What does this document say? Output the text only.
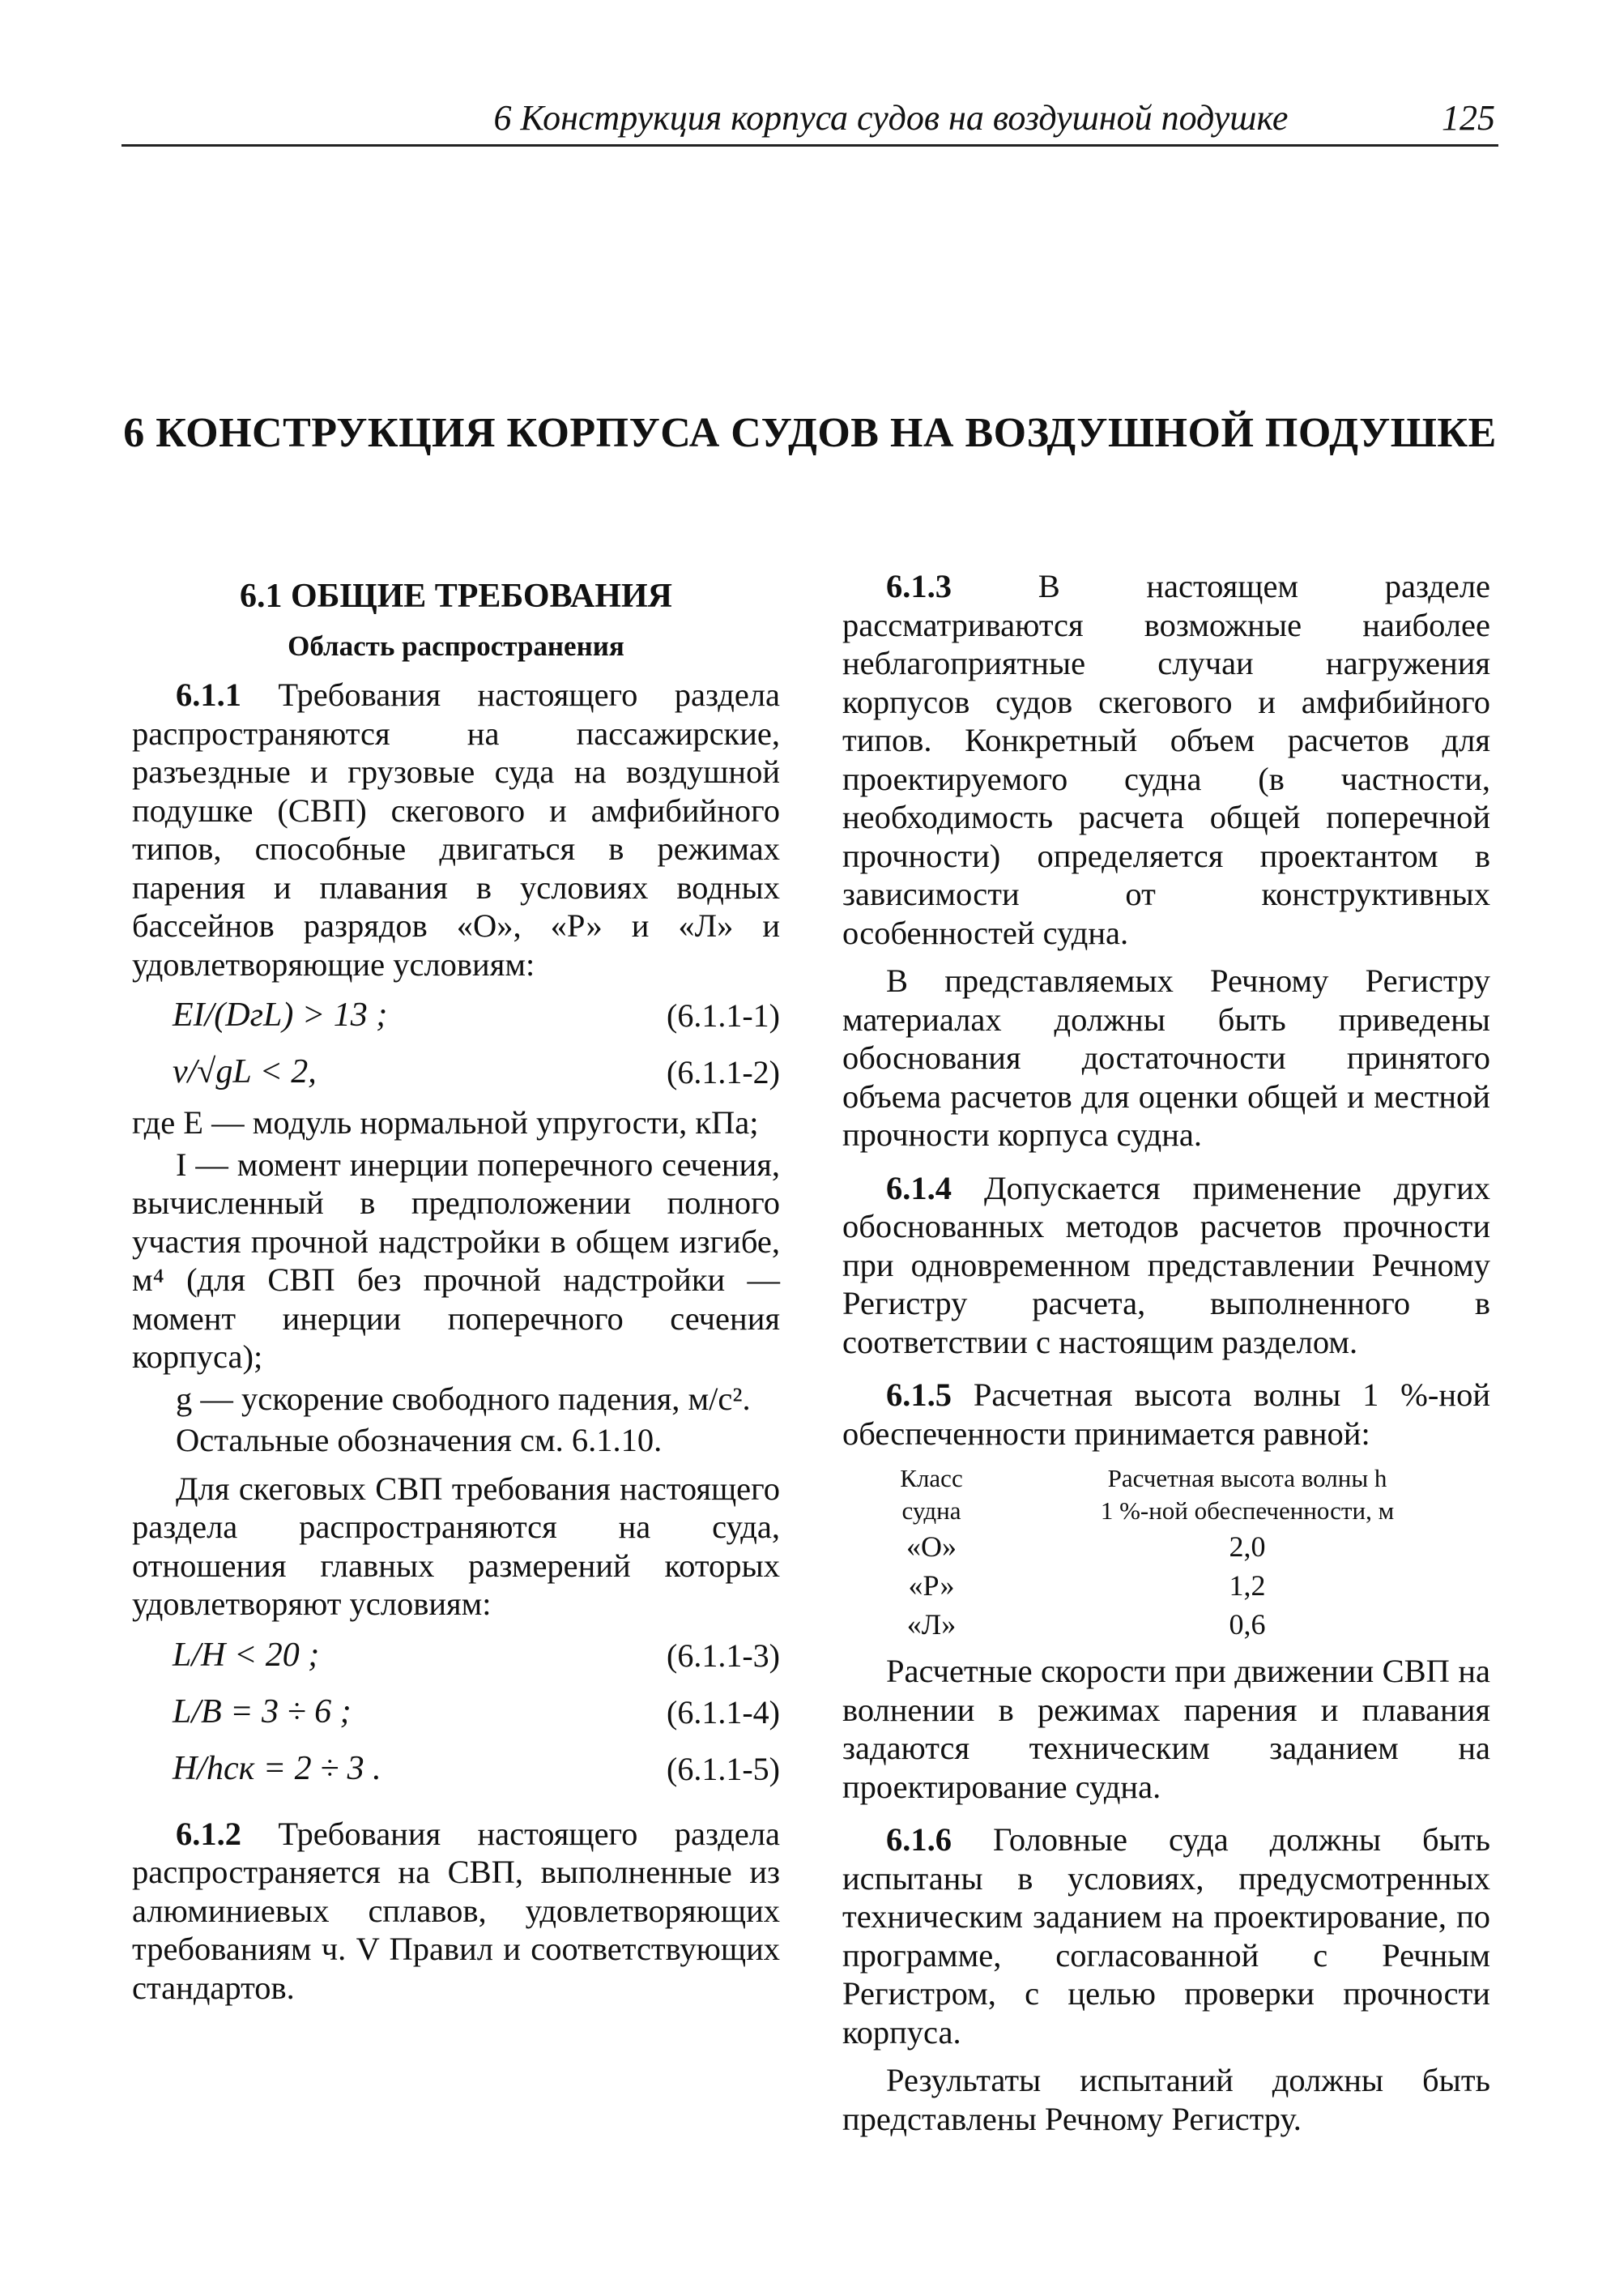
6 Конструкция корпуса судов на воздушной подушке	125
6 КОНСТРУКЦИЯ КОРПУСА СУДОВ НА ВОЗДУШНОЙ ПОДУШКЕ
6.1 ОБЩИЕ ТРЕБОВАНИЯ
Область распространения

6.1.1 Требования настоящего раздела распространяются на пассажирские, разъездные и грузовые суда на воздушной подушке (СВП) скегового и амфибийного типов, способные двигаться в режимах парения и плавания в условиях водных бассейнов разрядов «О», «Р» и «Л» и удовлетворяющие условиям:

EI/(DгL) > 13 ;	(6.1.1-1)
v/√gL < 2,	(6.1.1-2)

где E — модуль нормальной упругости, кПа;

I — момент инерции поперечного сечения, вычисленный в предположении полного участия прочной надстройки в общем изгибе, м⁴ (для СВП без прочной надстройки — момент инерции поперечного сечения корпуса);

g — ускорение свободного падения, м/с².

Остальные обозначения см. 6.1.10.

Для скеговых СВП требования настоящего раздела распространяются на суда, отношения главных размерений которых удовлетворяют условиям:

L/H < 20 ;	(6.1.1-3)
L/B = 3 ÷ 6 ;	(6.1.1-4)
H/hск = 2 ÷ 3 .	(6.1.1-5)

6.1.2 Требования настоящего раздела распространяется на СВП, выполненные из алюминиевых сплавов, удовлетворяющих требованиям ч. V Правил и соответствующих стандартов.

6.1.3	В настоящем разделе рассматриваются возможные наиболее неблагоприятные случаи нагружения корпусов судов скегового и амфибийного типов. Конкретный объем расчетов для проектируемого судна (в частности, необходимость расчета общей поперечной прочности) определяется проектантом в зависимости от конструктивных особенностей судна.

В представляемых Речному Регистру материалах должны быть приведены обоснования достаточности принятого объема расчетов для оценки общей и местной прочности корпуса судна.

6.1.4 Допускается применение других обоснованных методов расчетов прочности при одновременном представлении Речному Регистру расчета, выполненного в соответствии с настоящим разделом.

6.1.5 Расчетная высота волны 1 %-ной обеспеченности принимается равной:

Класс
судна	Расчетная высота волны h
1 %-ной обеспеченности, м
«О»	2,0
«Р»	1,2
«Л»	0,6

Расчетные скорости при движении СВП на волнении в режимах парения и плавания задаются техническим заданием на проектирование судна.

6.1.6 Головные суда должны быть испытаны в условиях, предусмотренных техническим заданием на проектирование, по программе, согласованной с Речным Регистром, с целью проверки прочности корпуса.

Результаты испытаний должны быть представлены Речному Регистру.
